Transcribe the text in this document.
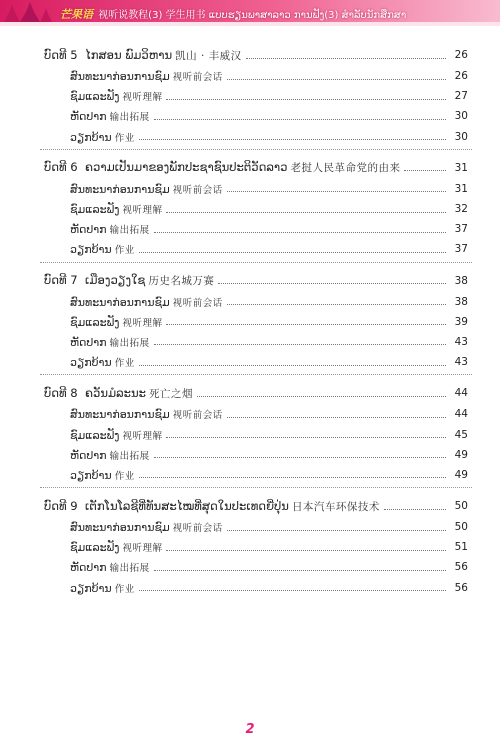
芒果语 视听说教程(3) 学生用书 ແບບຮຽນພາສາລາວ ການຟັງ(3) ສຳລັບນັກສຶກສາ
ບົດທີ 5 ໄກສອນ ພົມວິຫານ 凯山 · 丰威汉	26
ສົນທະນາກ່ອນການຊົມ 视听前会话	26
ຊົມແລະຟັງ 视听理解	27
ຫັດປາກ 输出拓展	30
ວຽກບ້ານ 作业	30
ບົດທີ 6 ຄວາມເປັນມາຂອງພັກປະຊາຊົນປະຕິວັດລາວ 老挝人民革命党的由来	31
ສົນທະນາກ່ອນການຊົມ 视听前会话	31
ຊົມແລະຟັງ 视听理解	32
ຫັດປາກ 输出拓展	37
ວຽກບ້ານ 作业	37
ບົດທີ 7 ເມືອງວຽງໃຊ 历史名城万赛	38
ສົນທະນາກ່ອນການຊົມ 视听前会话	38
ຊົມແລະຟັງ 视听理解	39
ຫັດປາກ 输出拓展	43
ວຽກບ້ານ 作业	43
ບົດທີ 8 ຄວັນມໍລະນະ 死亡之烟	44
ສົນທະນາກ່ອນການຊົມ 视听前会话	44
ຊົມແລະຟັງ 视听理解	45
ຫັດປາກ 输出拓展	49
ວຽກບ້ານ 作业	49
ບົດທີ 9 ເຕັກໂນໂລຊີທີ່ທັນສະໄໝທີ່ສຸດໃນປະເທດຍີ່ປຸ່ນ 日本汽车环保技术	50
ສົນທະນາກ່ອນການຊົມ 视听前会话	50
ຊົມແລະຟັງ 视听理解	51
ຫັດປາກ 输出拓展	56
ວຽກບ້ານ 作业	56
2
